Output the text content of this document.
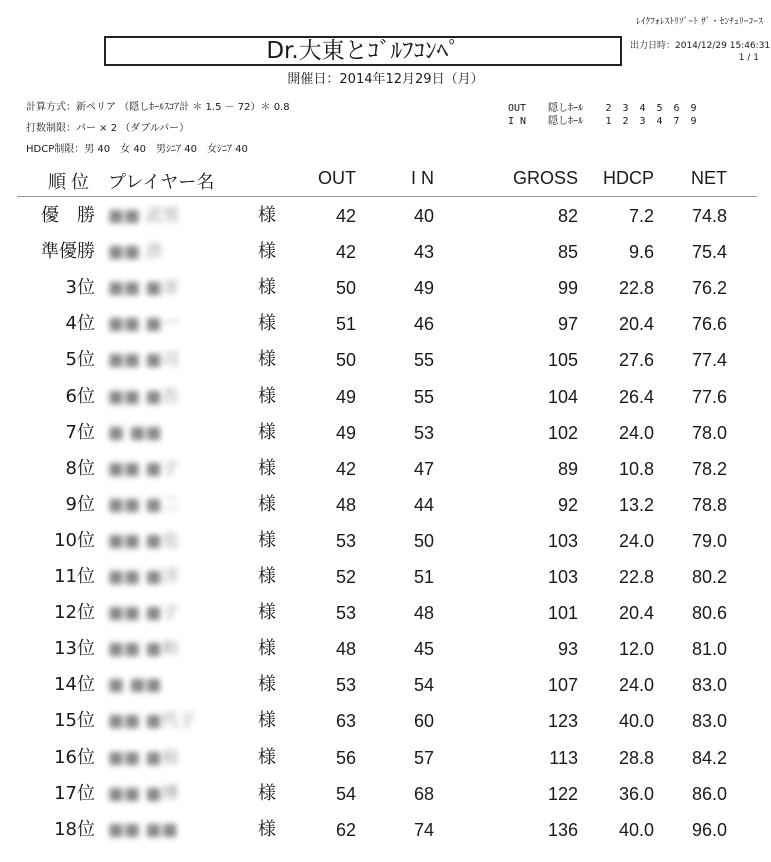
ﾚｲｸﾌｫﾚｽﾄﾘｿﾞｰﾄ ｻﾞ・ｾﾝﾁｭﾘｰｺｰｽ
Dr.大東とｺﾞﾙﾌｺﾝﾍﾟ	出力日時：2014/12/29 15:46:31
1 / 1
開催日：2014年12月29日（月）
計算方式：新ペリア （隠しﾎｰﾙｽｺｱ計 ＊ 1.5 － 72）＊ 0.8
打数制限：パー × 2 （ダブルパー）
HDCP制限：男 40　女 40　男ｼﾆｱ 40　女ｼﾆｱ 40
OUT 隠しﾎｰﾙ 2 3 4 5 6 9
I N 隠しﾎｰﾙ 1 2 3 4 7 9
順 位 プレイヤー名	OUT	I N	GROSS HDCP NET
優　勝 ■■ 武男	様	42	40	82	7.2 74.8
準優勝 ■■ 渉	様	42	43	85	9.6 75.4
3位 ■■ ■彦	様	50	49	99 22.8 76.2
4位 ■■ ■一	様	51	46	97 20.4 76.6
5位 ■■ ■司	様	50	55	105 27.6 77.4
6位 ■■ ■吾	様	49	55	104 26.4 77.6
7位 ■ ■■	様	49	53	102 24.0 78.0
8位 ■■ ■子	様	42	47	89 10.8 78.2
9位 ■■ ■二	様	48	44	92 13.2 78.8
10位 ■■ ■也	様	53	50	103 24.0 79.0
11位 ■■ ■洋	様	52	51	103 22.8 80.2
12位 ■■ ■子	様	53	48	101 20.4 80.6
13位 ■■ ■和	様	48	45	93 12.0 81.0
14位 ■ ■■	様	53	54	107 24.0 83.0
15位 ■■ ■代子	様	63	60	123 40.0 83.0
16位 ■■ ■裕	様	56	57	113 28.8 84.2
17位 ■■ ■博	様	54	68	122 36.0 86.0
18位 ■■ ■■	様	62	74	136 40.0 96.0
